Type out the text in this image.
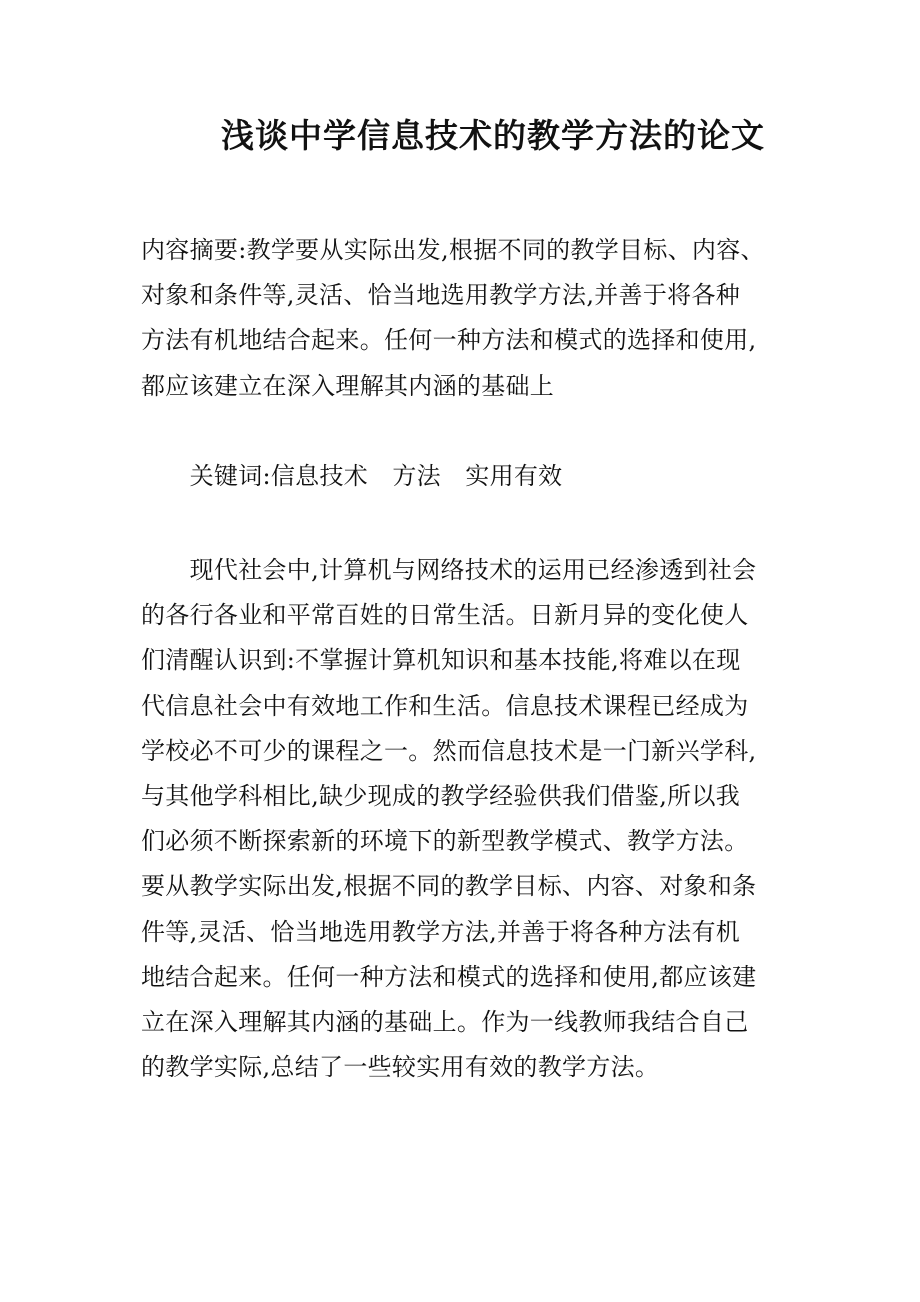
浅谈中学信息技术的教学方法的论文
内容摘要:教学要从实际出发,根据不同的教学目标、内容、
对象和条件等,灵活、恰当地选用教学方法,并善于将各种
方法有机地结合起来。任何一种方法和模式的选择和使用,
都应该建立在深入理解其内涵的基础上
　　关键词:信息技术　方法　实用有效
　　现代社会中,计算机与网络技术的运用已经渗透到社会
的各行各业和平常百姓的日常生活。日新月异的变化使人
们清醒认识到:不掌握计算机知识和基本技能,将难以在现
代信息社会中有效地工作和生活。信息技术课程已经成为
学校必不可少的课程之一。然而信息技术是一门新兴学科,
与其他学科相比,缺少现成的教学经验供我们借鉴,所以我
们必须不断探索新的环境下的新型教学模式、教学方法。
要从教学实际出发,根据不同的教学目标、内容、对象和条
件等,灵活、恰当地选用教学方法,并善于将各种方法有机
地结合起来。任何一种方法和模式的选择和使用,都应该建
立在深入理解其内涵的基础上。作为一线教师我结合自己
的教学实际,总结了一些较实用有效的教学方法。
